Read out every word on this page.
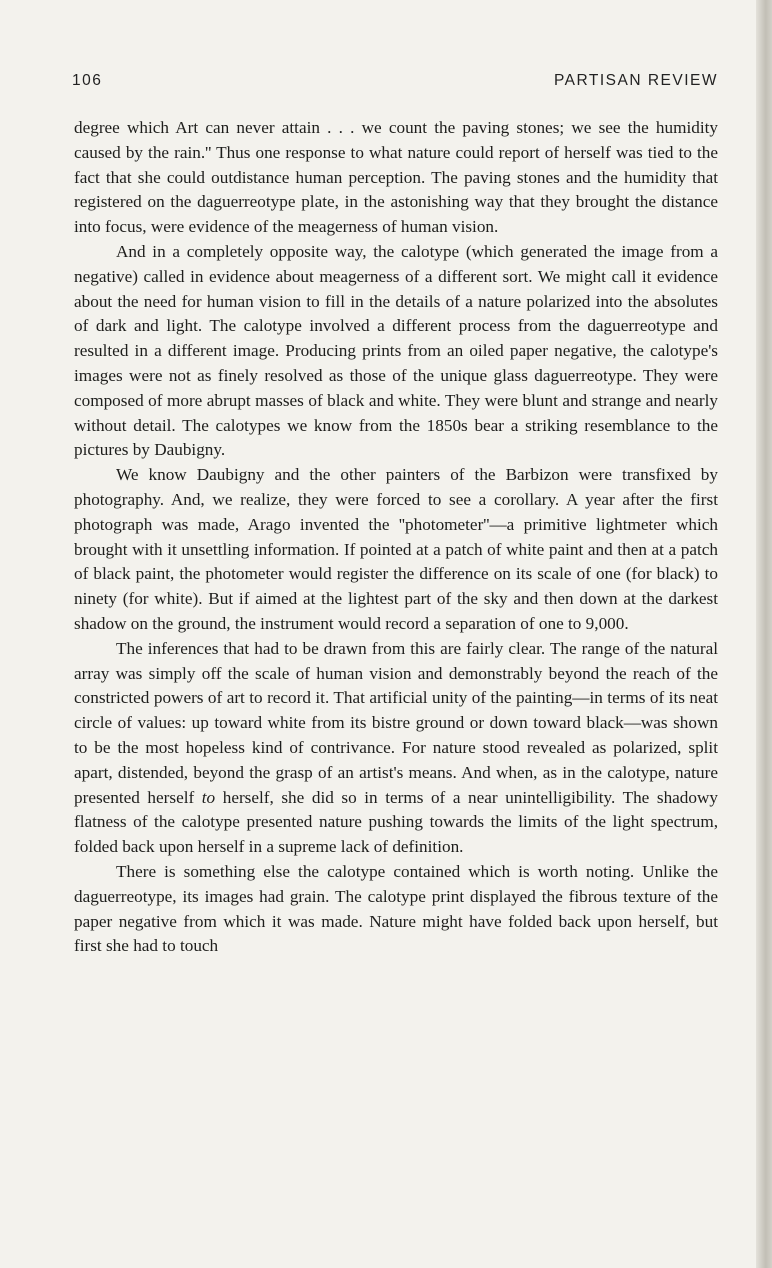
106	PARTISAN REVIEW

degree which Art can never attain . . . we count the paving stones; we see the humidity caused by the rain.'' Thus one response to what nature could report of herself was tied to the fact that she could outdistance human perception. The paving stones and the humidity that registered on the daguerreotype plate, in the astonishing way that they brought the distance into focus, were evidence of the meagerness of human vision.

And in a completely opposite way, the calotype (which generated the image from a negative) called in evidence about meagerness of a different sort. We might call it evidence about the need for human vision to fill in the details of a nature polarized into the absolutes of dark and light. The calotype involved a different process from the daguerreotype and resulted in a different image. Producing prints from an oiled paper negative, the calotype's images were not as finely resolved as those of the unique glass daguerreotype. They were composed of more abrupt masses of black and white. They were blunt and strange and nearly without detail. The calotypes we know from the 1850s bear a striking resemblance to the pictures by Daubigny.

We know Daubigny and the other painters of the Barbizon were transfixed by photography. And, we realize, they were forced to see a corollary. A year after the first photograph was made, Arago invented the ''photometer''—a primitive lightmeter which brought with it unsettling information. If pointed at a patch of white paint and then at a patch of black paint, the photometer would register the difference on its scale of one (for black) to ninety (for white). But if aimed at the lightest part of the sky and then down at the darkest shadow on the ground, the instrument would record a separation of one to 9,000.

The inferences that had to be drawn from this are fairly clear. The range of the natural array was simply off the scale of human vision and demonstrably beyond the reach of the constricted powers of art to record it. That artificial unity of the painting—in terms of its neat circle of values: up toward white from its bistre ground or down toward black—was shown to be the most hopeless kind of contrivance. For nature stood revealed as polarized, split apart, distended, beyond the grasp of an artist's means. And when, as in the calotype, nature presented herself to herself, she did so in terms of a near unintelligibility. The shadowy flatness of the calotype presented nature pushing towards the limits of the light spectrum, folded back upon herself in a supreme lack of definition.

There is something else the calotype contained which is worth noting. Unlike the daguerreotype, its images had grain. The calotype print displayed the fibrous texture of the paper negative from which it was made. Nature might have folded back upon herself, but first she had to touch
